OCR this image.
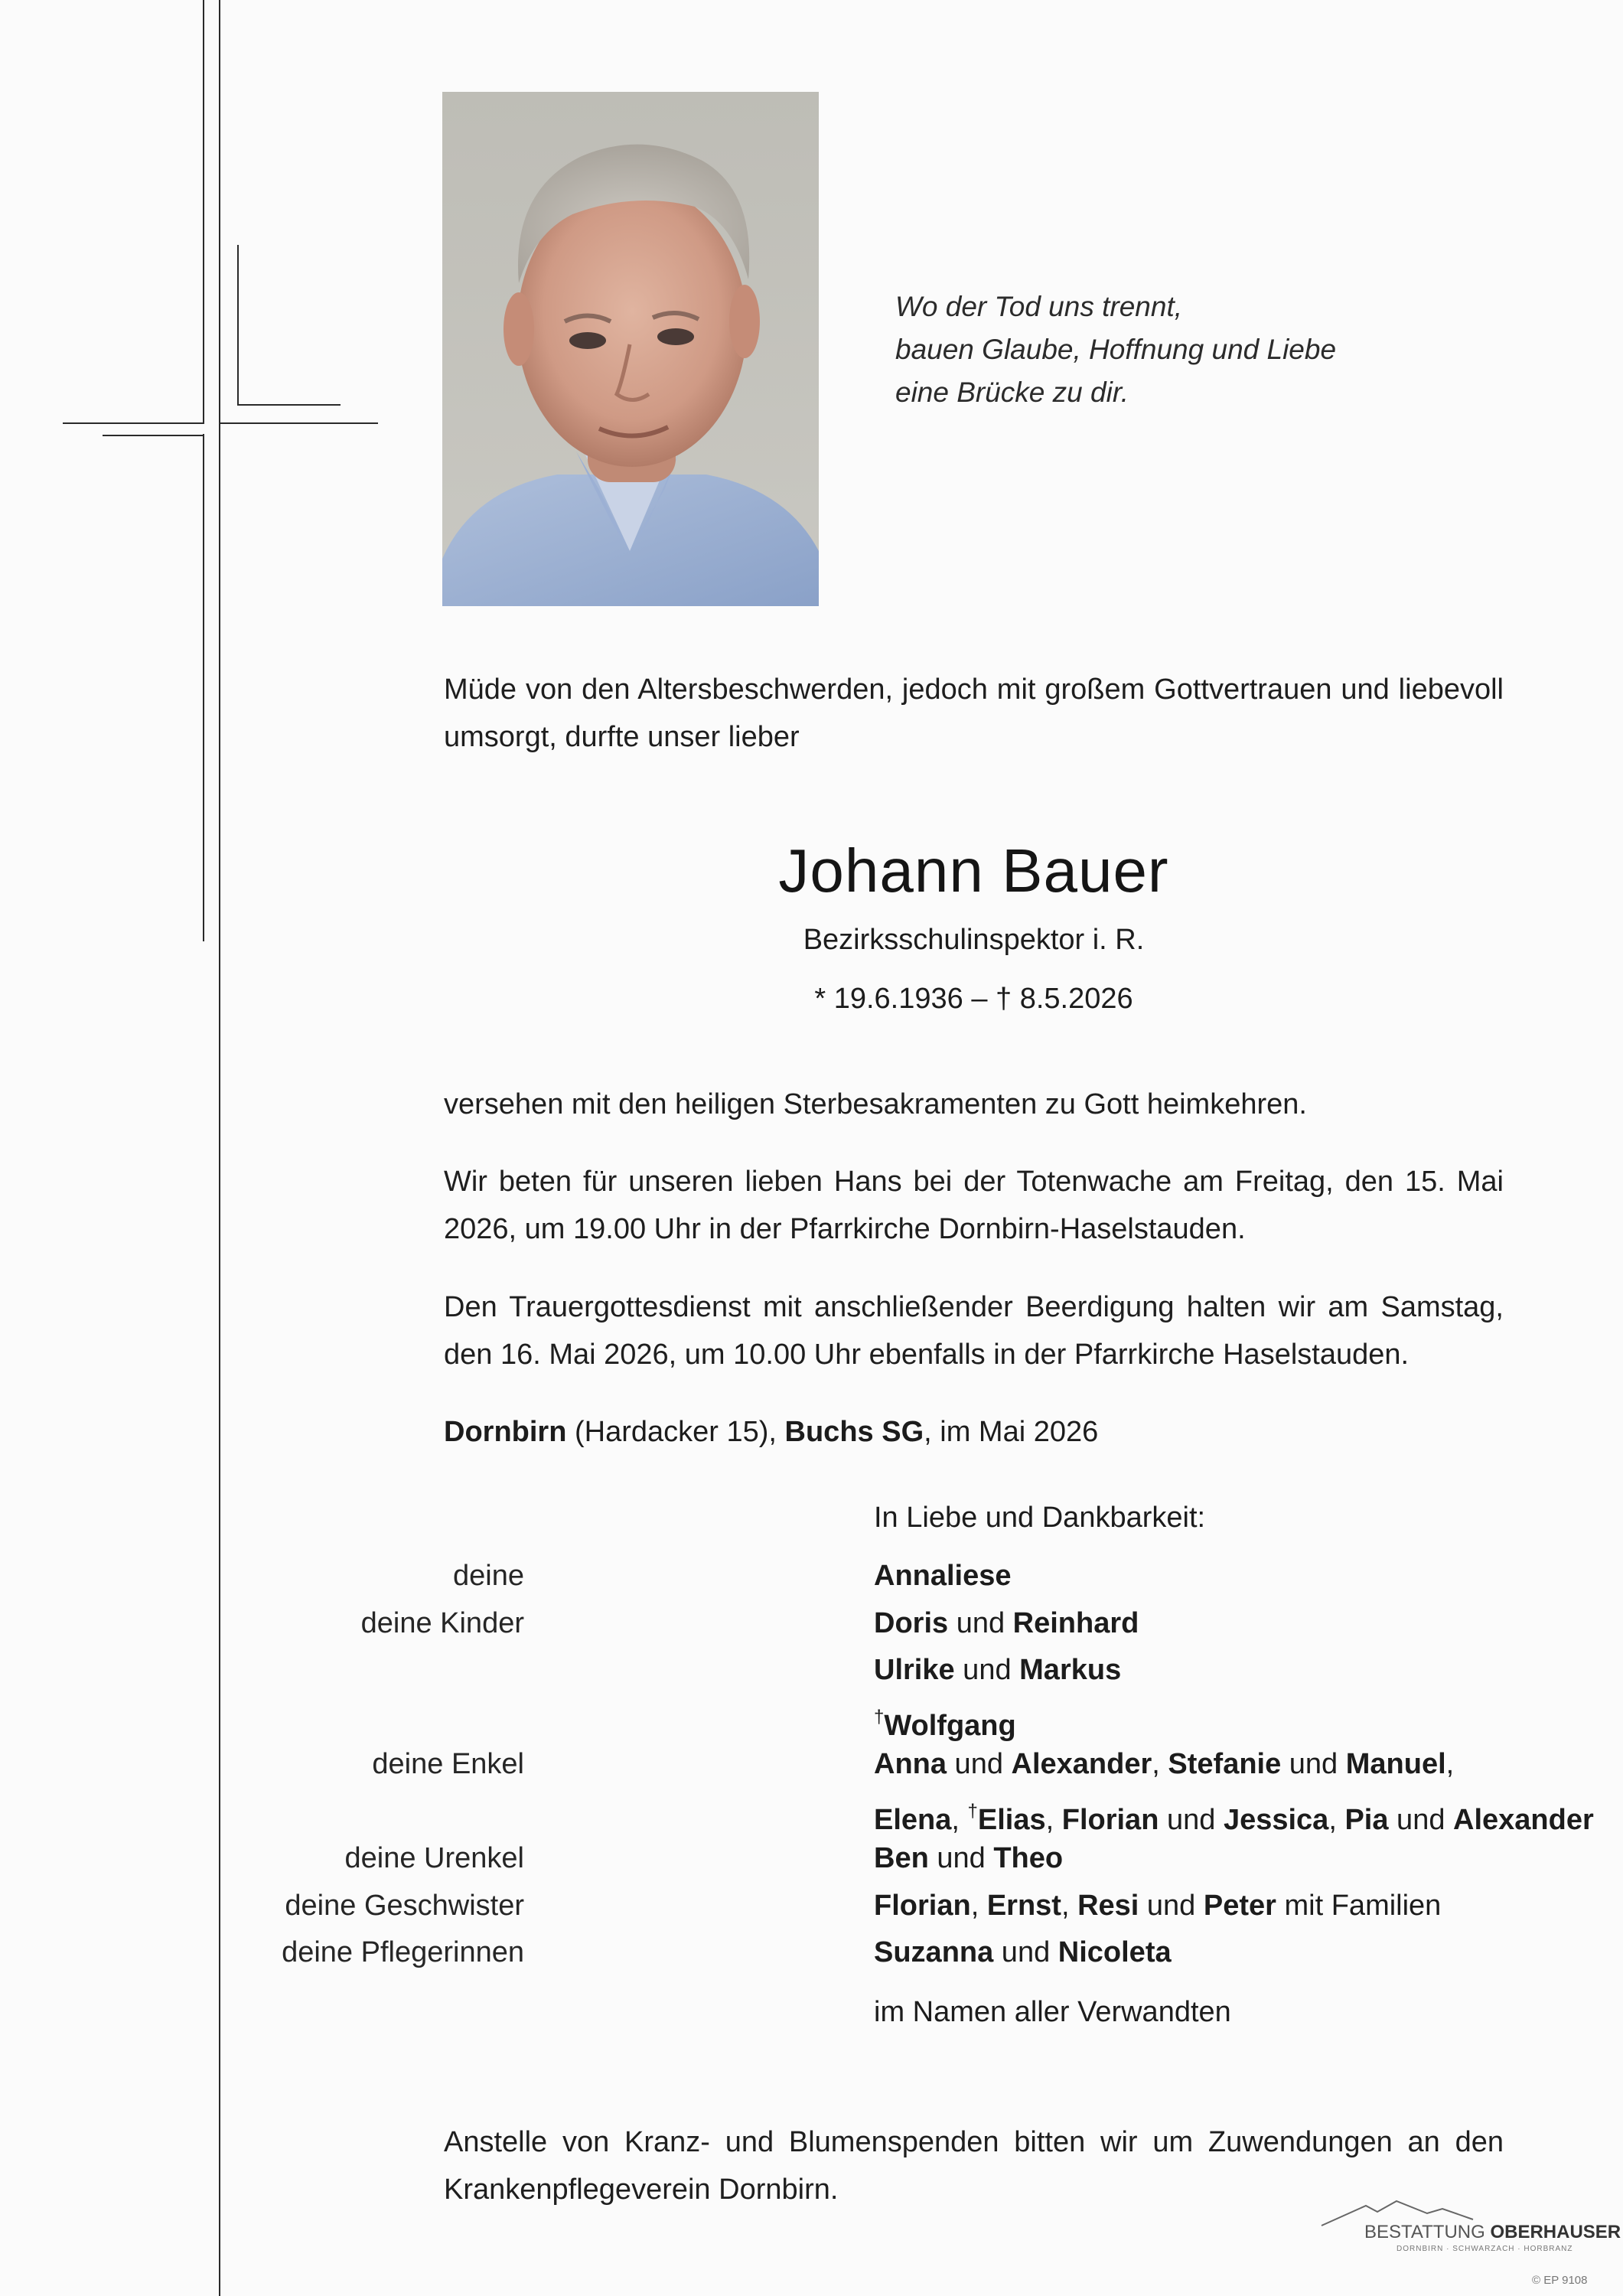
Wo der Tod uns trennt,
bauen Glaube, Hoffnung und Liebe
eine Brücke zu dir.
Müde von den Altersbeschwerden, jedoch mit großem Gottvertrauen und liebevoll umsorgt, durfte unser lieber
Johann Bauer
Bezirksschulinspektor i. R.
* 19.6.1936 – † 8.5.2026
versehen mit den heiligen Sterbesakramenten zu Gott heimkehren.
Wir beten für unseren lieben Hans bei der Totenwache am Freitag, den 15. Mai 2026, um 19.00 Uhr in der Pfarrkirche Dornbirn-Haselstauden.
Den Trauergottesdienst mit anschließender Beerdigung halten wir am Samstag, den 16. Mai 2026, um 10.00 Uhr ebenfalls in der Pfarrkirche Haselstauden.
Dornbirn (Hardacker 15), Buchs SG, im Mai 2026
In Liebe und Dankbarkeit:
deine	Annaliese
deine Kinder	Doris und Reinhard
Ulrike und Markus
†Wolfgang
deine Enkel	Anna und Alexander, Stefanie und Manuel,
Elena, †Elias, Florian und Jessica, Pia und Alexander
deine Urenkel	Ben und Theo
deine Geschwister	Florian, Ernst, Resi und Peter mit Familien
deine Pflegerinnen	Suzanna und Nicoleta
im Namen aller Verwandten
Anstelle von Kranz- und Blumenspenden bitten wir um Zuwendungen an den Krankenpflegeverein Dornbirn.
BESTATTUNG OBERHAUSER
DORNBIRN · SCHWARZACH · HORBRANZ
© EP 9108
